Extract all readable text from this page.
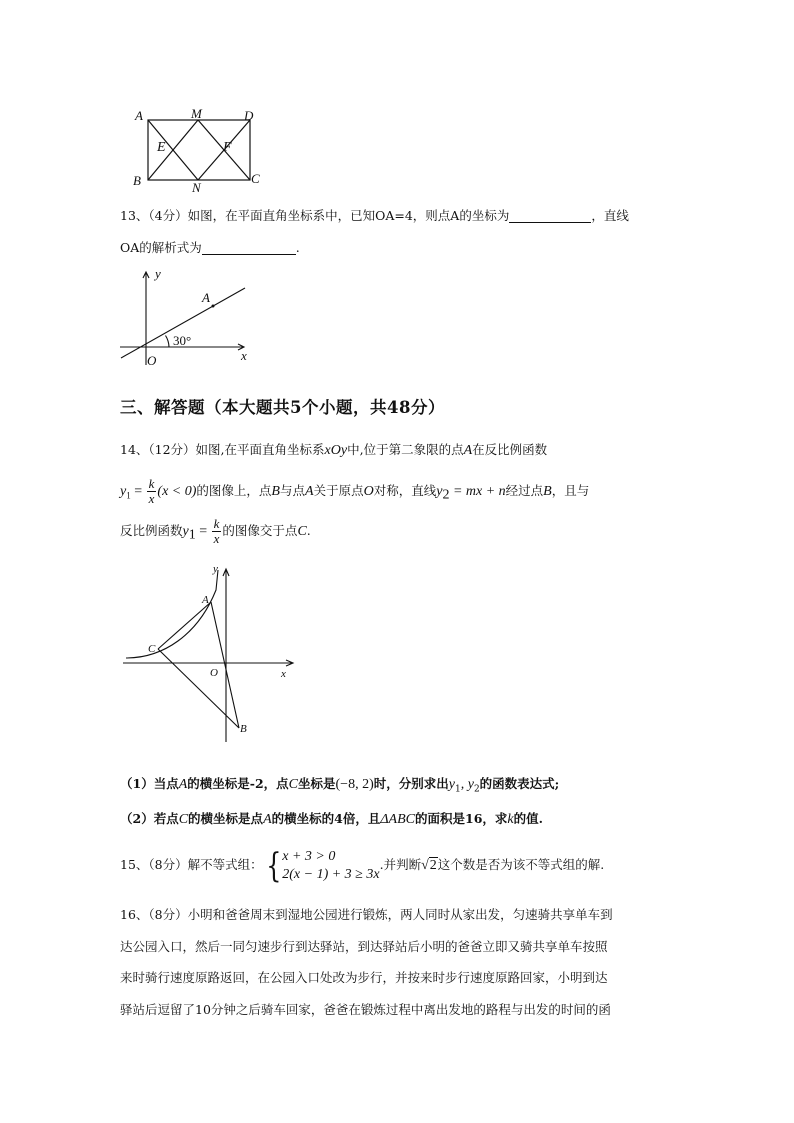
A	M	D
E	F
B	N
C
13、（4分）如图，在平面直角坐标系中，已知OA=4，则点A的坐标为	，直线
OA的解析式为	.
y
x
O
A
30°
三、解答题（本大题共5个小题，共48分）
14、（12分）如图,在平面直角坐标系xOy中,位于第二象限的点A在反比例函数
$y_1 = \frac{k}{x} (x < 0)$的图像上，点B与点A关于原点O对称，直线$y_2$ = mx + n经过点B，且与
反比例函数$y_1 = \frac{k}{x}$ 的图像交于点C.
y
x
O
A
C
B
（1）当点A的横坐标是-2，点C坐标是(−8, 2)时，分别求出$y_1$, $y_2$的函数表达式;
（2）若点C的横坐标是点A的横坐标的4倍，且ΔABC的面积是16，求k的值.
15、（8分）解不等式组：{ x + 3 > 0
2(x − 1) + 3 ≥ 3x
.并判断√2这个数是否为该不等式组的解.
16、（8分）小明和爸爸周末到湿地公园进行锻炼，两人同时从家出发，匀速骑共享单车到
达公园入口，然后一同匀速步行到达驿站，到达驿站后小明的爸爸立即又骑共享单车按照
来时骑行速度原路返回，在公园入口处改为步行，并按来时步行速度原路回家，小明到达
驿站后逗留了10分钟之后骑车回家，爸爸在锻炼过程中离出发地的路程与出发的时间的函
